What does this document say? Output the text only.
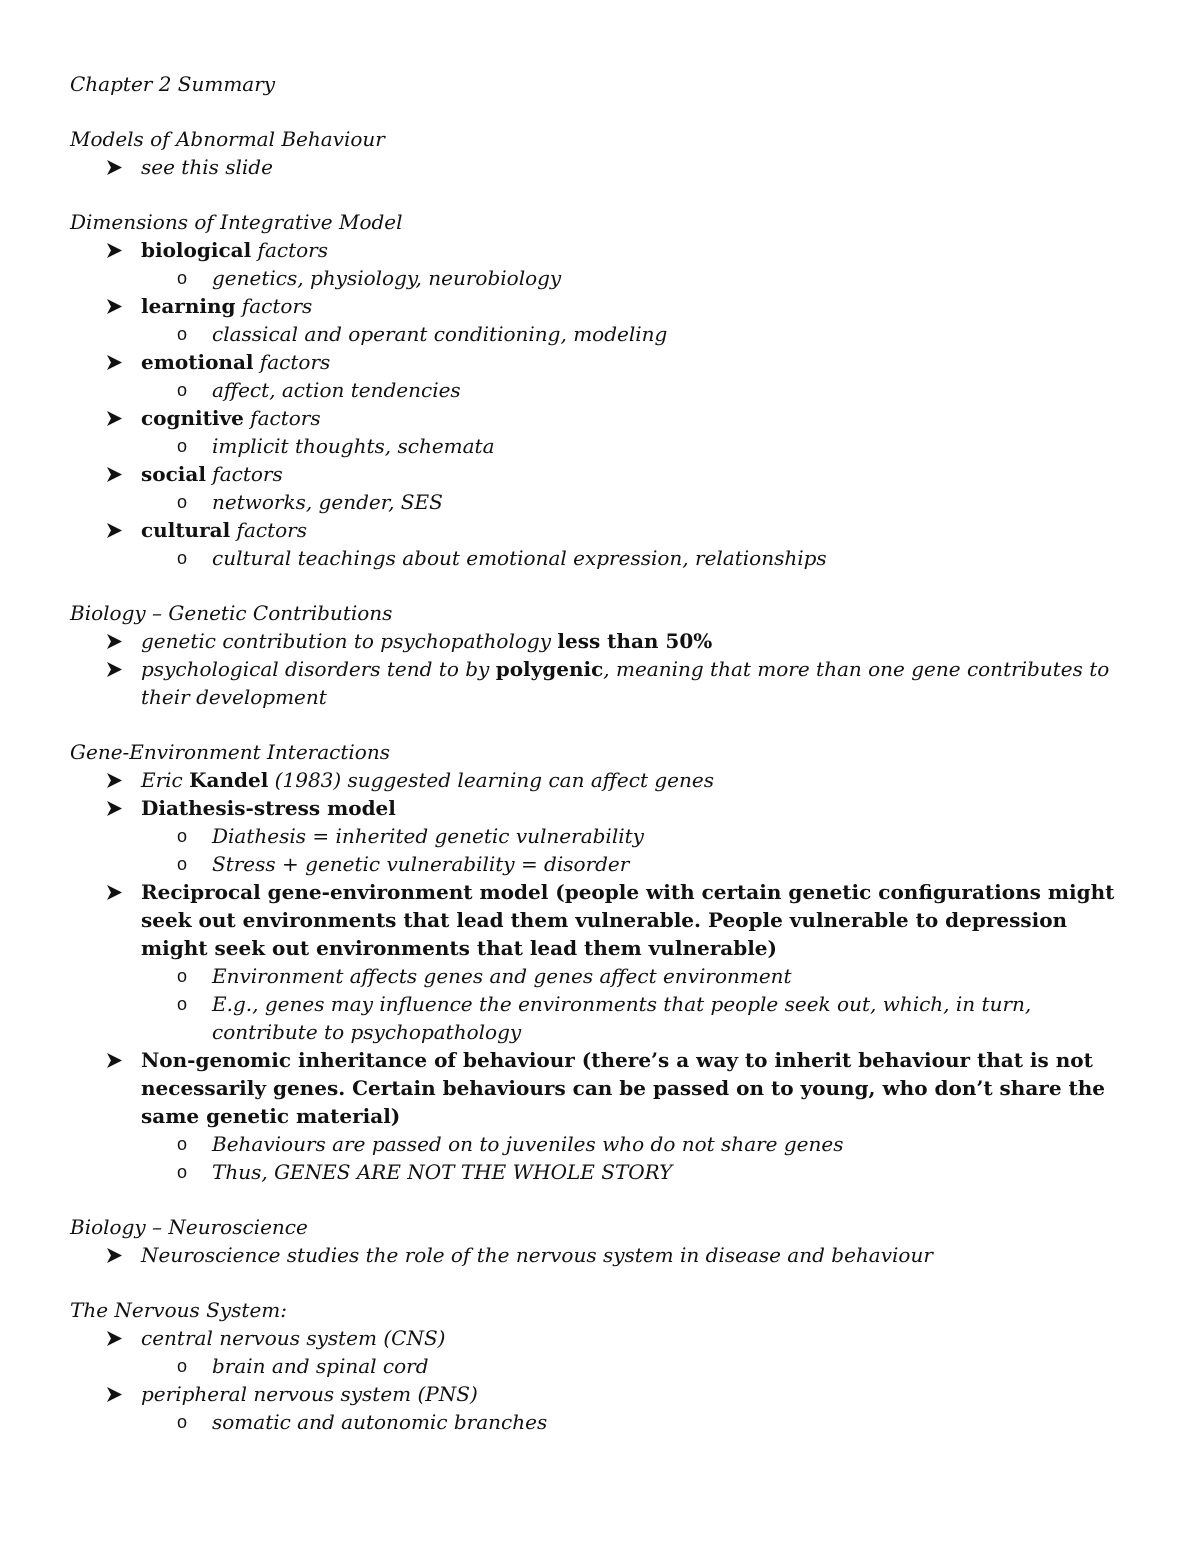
Chapter 2 Summary
Models of Abnormal Behaviour
see this slide
Dimensions of Integrative Model
biological factors
o genetics, physiology, neurobiology
learning factors
o classical and operant conditioning, modeling
emotional factors
o affect, action tendencies
cognitive factors
o implicit thoughts, schemata
social factors
o networks, gender, SES
cultural factors
o cultural teachings about emotional expression, relationships
Biology – Genetic Contributions
genetic contribution to psychopathology less than 50%
psychological disorders tend to by polygenic, meaning that more than one gene contributes to their development
Gene-Environment Interactions
Eric Kandel (1983) suggested learning can affect genes
Diathesis-stress model
o Diathesis = inherited genetic vulnerability
o Stress + genetic vulnerability = disorder
Reciprocal gene-environment model (people with certain genetic configurations might seek out environments that lead them vulnerable. People vulnerable to depression might seek out environments that lead them vulnerable)
o Environment affects genes and genes affect environment
o E.g., genes may influence the environments that people seek out, which, in turn, contribute to psychopathology
Non-genomic inheritance of behaviour (there’s a way to inherit behaviour that is not necessarily genes. Certain behaviours can be passed on to young, who don’t share the same genetic material)
o Behaviours are passed on to juveniles who do not share genes
o Thus, GENES ARE NOT THE WHOLE STORY
Biology – Neuroscience
Neuroscience studies the role of the nervous system in disease and behaviour
The Nervous System:
central nervous system (CNS)
o brain and spinal cord
peripheral nervous system (PNS)
o somatic and autonomic branches
